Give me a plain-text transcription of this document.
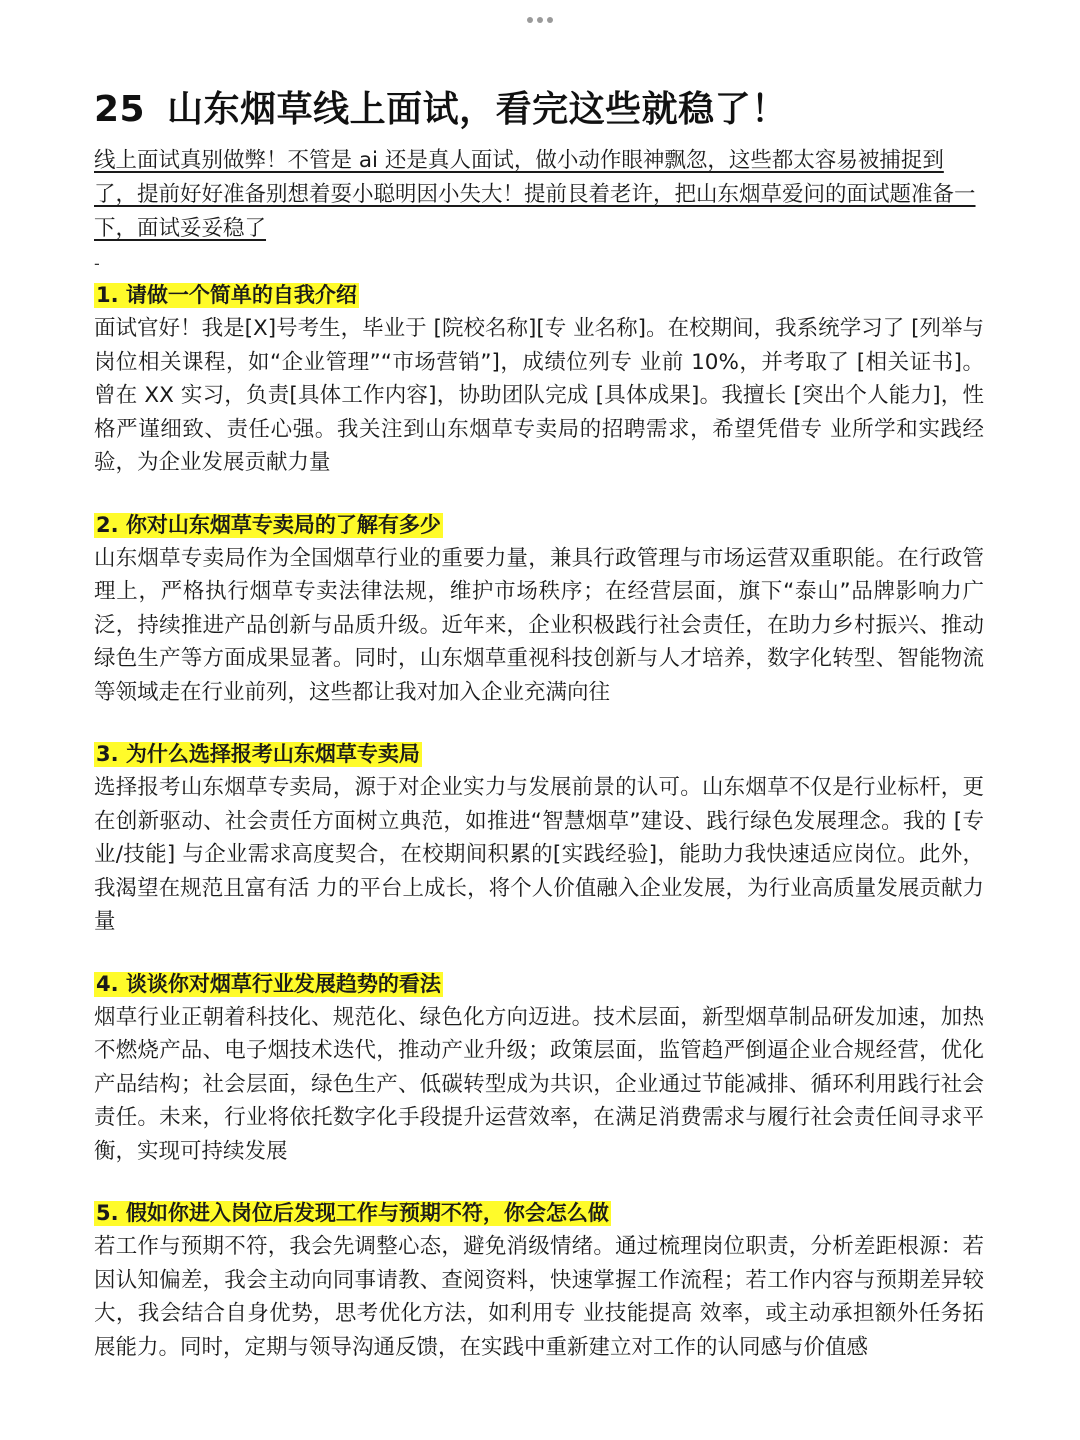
25 山东烟草线上面试，看完这些就稳了！
线上面试真别做弊！不管是 ai 还是真人面试，做小动作眼神飘忽，这些都太容易被捕捉到了，提前好好准备别想着耍小聪明因小失大！提前艮着老许，把山东烟草爱问的面试题准备一下，面试妥妥稳了
-
1. 请做一个简单的自我介绍
面试官好！我是[X]号考生，毕业于 [院校名称][专 业名称]。在校期间，我系统学习了 [列举与岗位相关课程，如“企业管理”“市场营销”]，成绩位列专 业前 10%，并考取了 [相关证书]。曾在 XX 实习，负责[具体工作内容]，协助团队完成 [具体成果]。我擅长 [突出个人能力]，性格严谨细致、责任心强。我关注到山东烟草专卖局的招聘需求，希望凭借专 业所学和实践经验，为企业发展贡献力量
2. 你对山东烟草专卖局的了解有多少
山东烟草专卖局作为全国烟草行业的重要力量，兼具行政管理与市场运营双重职能。在行政管理上，严格执行烟草专卖法律法规，维护市场秩序；在经营层面，旗下“泰山”品牌影响力广泛，持续推进产品创新与品质升级。近年来，企业积极践行社会责任，在助力乡村振兴、推动绿色生产等方面成果显著。同时，山东烟草重视科技创新与人才培养，数字化转型、智能物流等领域走在行业前列，这些都让我对加入企业充满向往
3. 为什么选择报考山东烟草专卖局
选择报考山东烟草专卖局，源于对企业实力与发展前景的认可。山东烟草不仅是行业标杆，更在创新驱动、社会责任方面树立典范，如推进“智慧烟草”建设、践行绿色发展理念。我的 [专 业/技能] 与企业需求高度契合，在校期间积累的[实践经验]，能助力我快速适应岗位。此外，我渴望在规范且富有活 力的平台上成长，将个人价值融入企业发展，为行业高质量发展贡献力量
4. 谈谈你对烟草行业发展趋势的看法
烟草行业正朝着科技化、规范化、绿色化方向迈进。技术层面，新型烟草制品研发加速，加热不燃烧产品、电子烟技术迭代，推动产业升级；政策层面，监管趋严倒逼企业合规经营，优化产品结构；社会层面，绿色生产、低碳转型成为共识，企业通过节能减排、循环利用践行社会责任。未来，行业将依托数字化手段提升运营效率，在满足消费需求与履行社会责任间寻求平衡，实现可持续发展
5. 假如你进入岗位后发现工作与预期不符，你会怎么做
若工作与预期不符，我会先调整心态，避免消级情绪。通过梳理岗位职责，分析差距根源：若因认知偏差，我会主动向同事请教、查阅资料，快速掌握工作流程；若工作内容与预期差异较大，我会结合自身优势，思考优化方法，如利用专 业技能提高 效率，或主动承担额外任务拓展能力。同时，定期与领导沟通反馈，在实践中重新建立对工作的认同感与价值感
